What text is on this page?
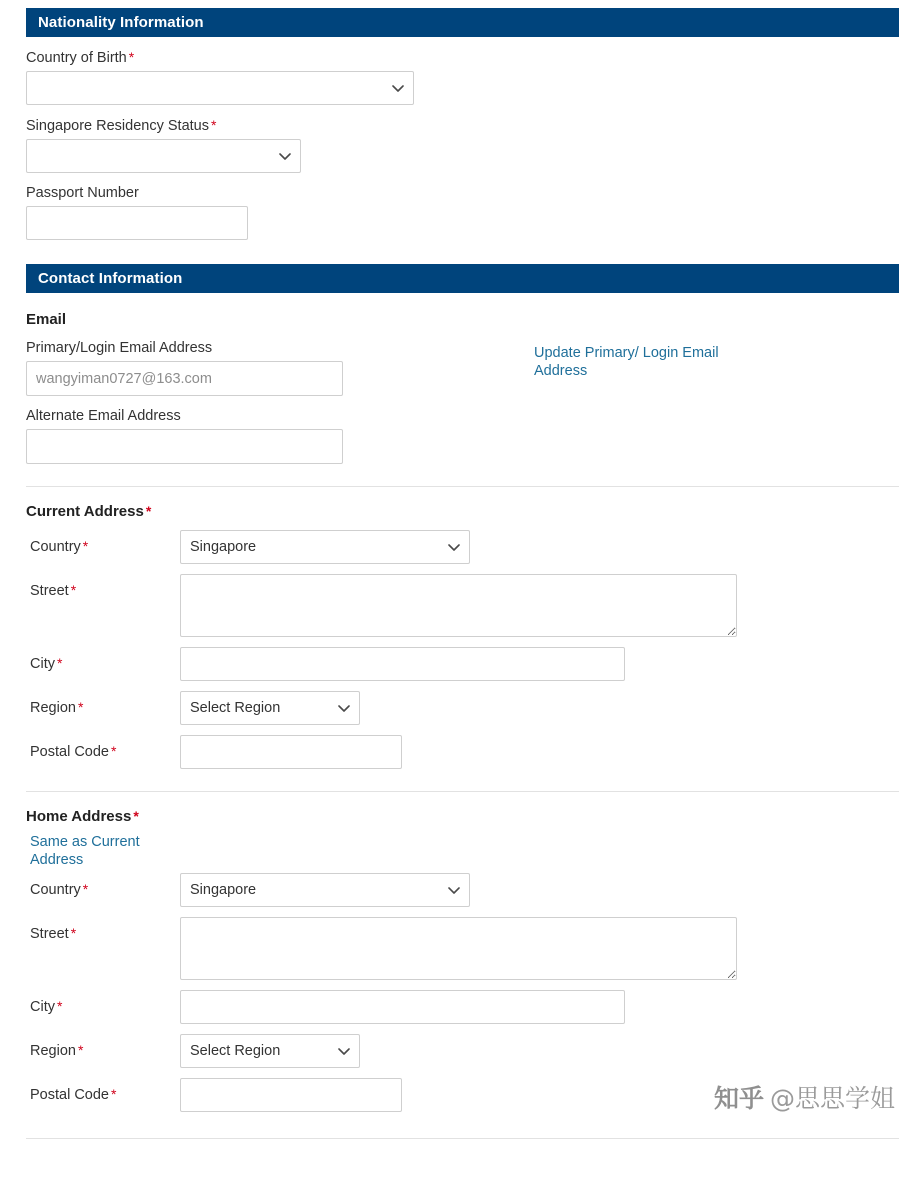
Nationality Information
Country of Birth *
Singapore Residency Status *
Passport Number
Contact Information
Email
Primary/Login Email Address
wangyiman0727@163.com	Update Primary/ Login Email Address
Alternate Email Address
Current Address *
Country *
Singapore
Street *
City *
Region *
Select Region
Postal Code *
Home Address *
Same as Current Address
Country *
Singapore
Street *
City *
Region *
Select Region
Postal Code *	知乎 @思思学姐
